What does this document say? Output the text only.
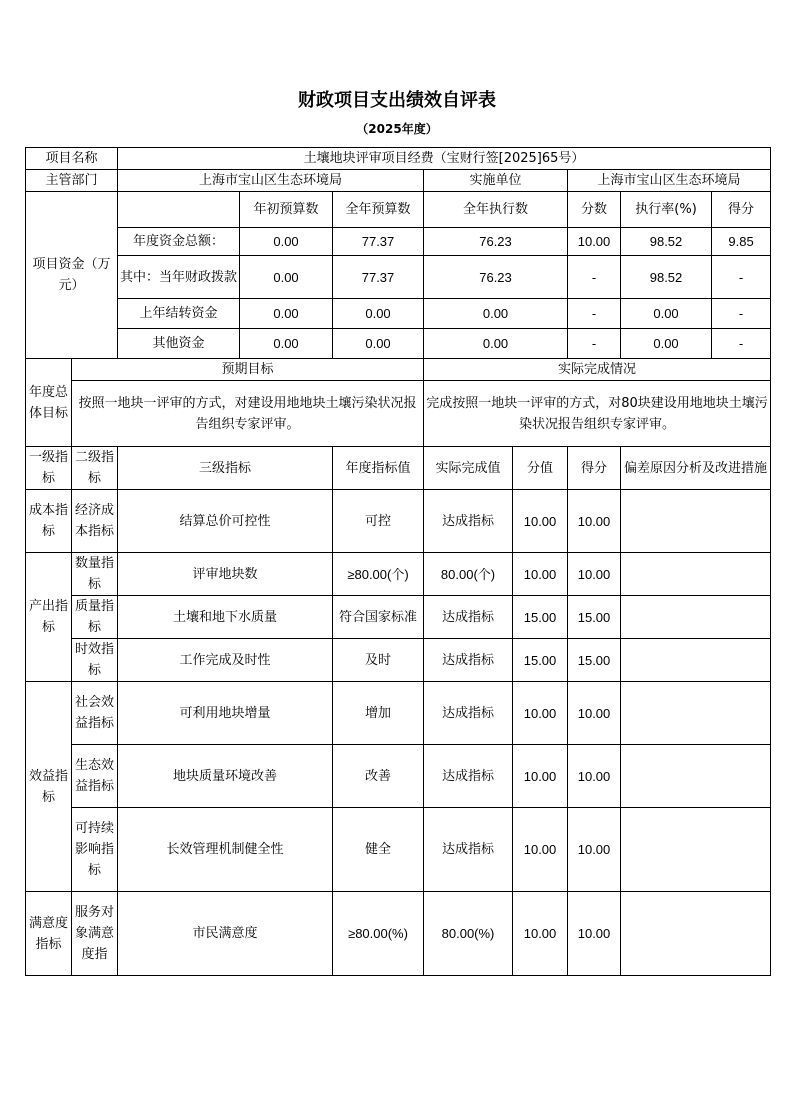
财政项目支出绩效自评表
（2025年度）
项目名称		土壤地块评审项目经费（宝财行签[2025]65号）							
主管部门		上海市宝山区生态环境局			实施单位		上海市宝山区生态环境局		
项目资金（万元）			年初预算数	全年预算数	全年执行数		分数	执行率(%)	得分
		年度资金总额：	0.00	77.37	76.23		10.00	98.52	9.85
		其中：当年财政拨款	0.00	77.37	76.23		-	98.52	-
		上年结转资金	0.00	0.00	0.00		-	0.00	-
		其他资金	0.00	0.00	0.00		-	0.00	-
年度总体目标	预期目标				实际完成情况				
	按照一地块一评审的方式，对建设用地地块土壤污染状况报告组织专家评审。				完成按照一地块一评审的方式，对80块建设用地地块土壤污染状况报告组织专家评审。				
一级指标	二级指标	三级指标		年度指标值	实际完成值	分值	得分	偏差原因分析及改进措施	
成本指标	经济成本指标	结算总价可控性		可控	达成指标	10.00	10.00		
产出指标	数量指标	评审地块数		≥80.00(个)	80.00(个)	10.00	10.00		
	质量指标	土壤和地下水质量		符合国家标准	达成指标	15.00	15.00		
	时效指标	工作完成及时性		及时	达成指标	15.00	15.00		
效益指标	社会效益指标	可利用地块增量		增加	达成指标	10.00	10.00		
	生态效益指标	地块质量环境改善		改善	达成指标	10.00	10.00		
	可持续影响指标	长效管理机制健全性		健全	达成指标	10.00	10.00		
满意度指标	服务对象满意度指	市民满意度		≥80.00(%)	80.00(%)	10.00	10.00		
